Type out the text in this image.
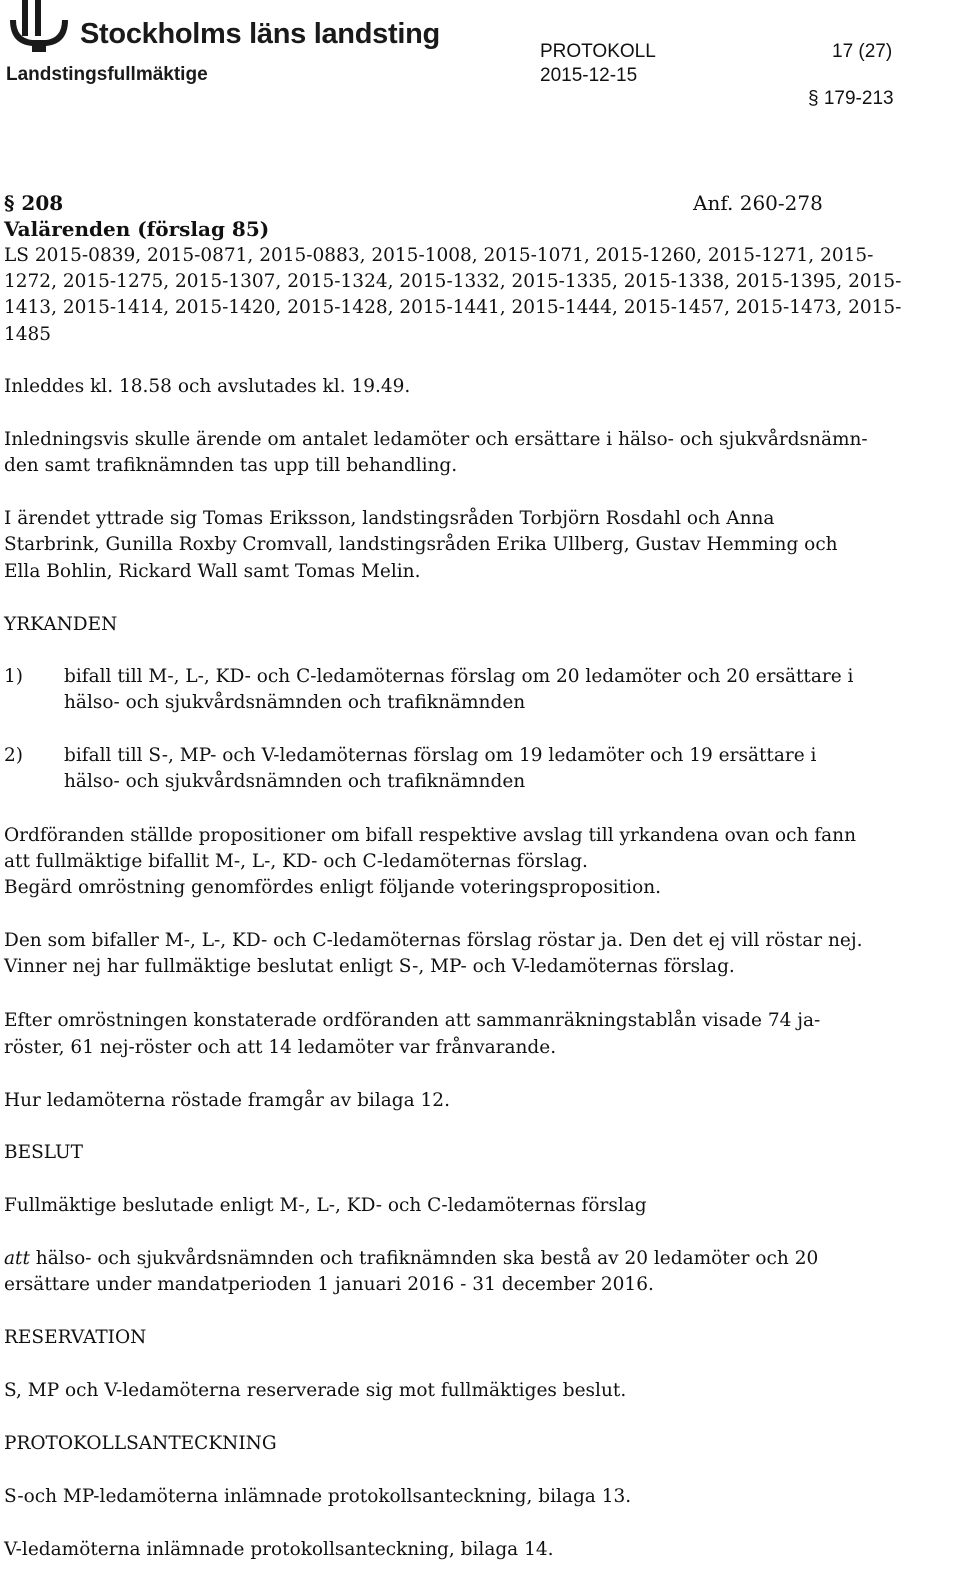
Stockholms läns landsting
Landstingsfullmäktige
PROTOKOLL	17 (27)
2015-12-15
§ 179-213
§ 208	Anf. 260-278
Valärenden (förslag 85)
LS 2015-0839, 2015-0871, 2015-0883, 2015-1008, 2015-1071, 2015-1260, 2015-1271, 2015-
1272, 2015-1275, 2015-1307, 2015-1324, 2015-1332, 2015-1335, 2015-1338, 2015-1395, 2015-
1413, 2015-1414, 2015-1420, 2015-1428, 2015-1441, 2015-1444, 2015-1457, 2015-1473, 2015-
1485
Inleddes kl. 18.58 och avslutades kl. 19.49.
Inledningsvis skulle ärende om antalet ledamöter och ersättare i hälso- och sjukvårdsnämn-
den samt trafiknämnden tas upp till behandling.
I ärendet yttrade sig Tomas Eriksson, landstingsråden Torbjörn Rosdahl och Anna
Starbrink, Gunilla Roxby Cromvall, landstingsråden Erika Ullberg, Gustav Hemming och
Ella Bohlin, Rickard Wall samt Tomas Melin.
YRKANDEN
1) bifall till M-, L-, KD- och C-ledamöternas förslag om 20 ledamöter och 20 ersättare i
hälso- och sjukvårdsnämnden och trafiknämnden
2) bifall till S-, MP- och V-ledamöternas förslag om 19 ledamöter och 19 ersättare i
hälso- och sjukvårdsnämnden och trafiknämnden
Ordföranden ställde propositioner om bifall respektive avslag till yrkandena ovan och fann
att fullmäktige bifallit M-, L-, KD- och C-ledamöternas förslag.
Begärd omröstning genomfördes enligt följande voteringsproposition.
Den som bifaller M-, L-, KD- och C-ledamöternas förslag röstar ja. Den det ej vill röstar nej.
Vinner nej har fullmäktige beslutat enligt S-, MP- och V-ledamöternas förslag.
Efter omröstningen konstaterade ordföranden att sammanräkningstablån visade 74 ja-
röster, 61 nej-röster och att 14 ledamöter var frånvarande.
Hur ledamöterna röstade framgår av bilaga 12.
BESLUT
Fullmäktige beslutade enligt M-, L-, KD- och C-ledamöternas förslag
att hälso- och sjukvårdsnämnden och trafiknämnden ska bestå av 20 ledamöter och 20
ersättare under mandatperioden 1 januari 2016 - 31 december 2016.
RESERVATION
S, MP och V-ledamöterna reserverade sig mot fullmäktiges beslut.
PROTOKOLLSANTECKNING
S-och MP-ledamöterna inlämnade protokollsanteckning, bilaga 13.
V-ledamöterna inlämnade protokollsanteckning, bilaga 14.
